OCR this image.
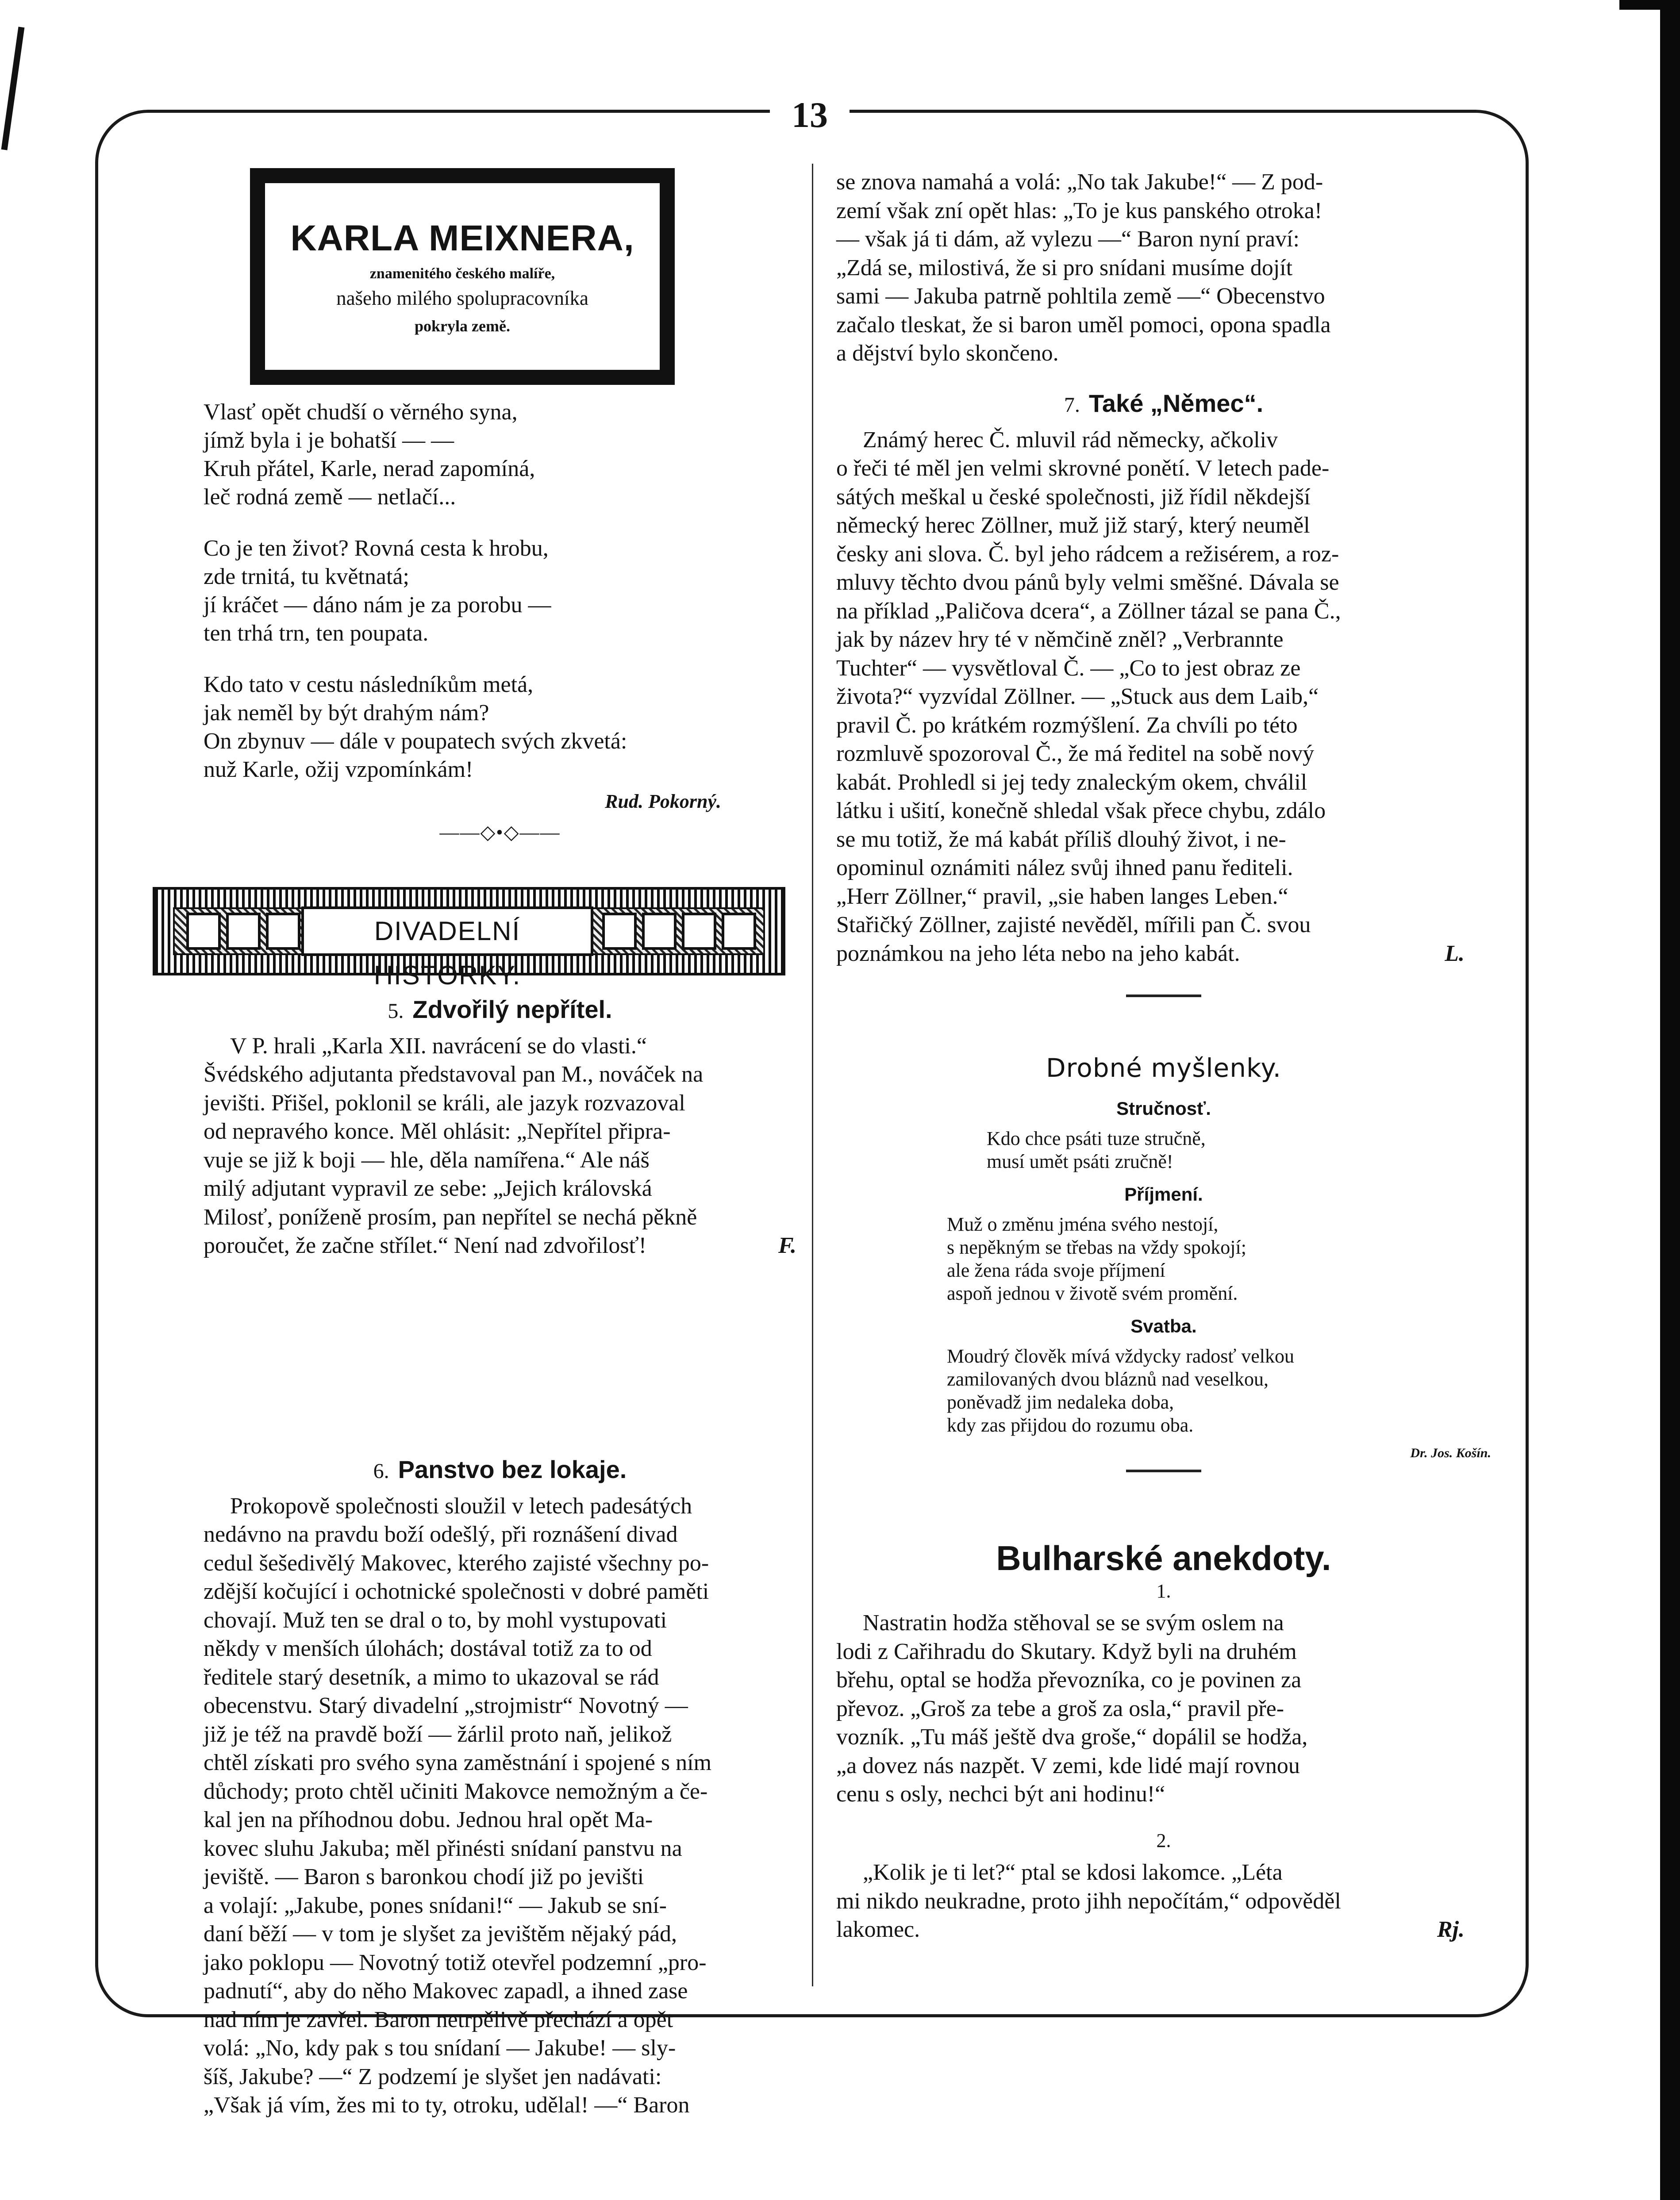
13
KARLA MEIXNERA,
znamenitého českého malíře,
našeho milého spolupracovníka
pokryla země.
Vlasť opět chudší o věrného syna,
jímž byla i je bohatší — —
Kruh přátel, Karle, nerad zapomíná,
leč rodná země — netlačí...
Co je ten život? Rovná cesta k hrobu,
zde trnitá, tu květnatá;
jí kráčet — dáno nám je za porobu —
ten trhá trn, ten poupata.
Kdo tato v cestu následníkům metá,
jak neměl by být drahým nám?
On zbynuv — dále v poupatech svých zkvetá:
nuž Karle, ožij vzpomínkám!
Rud. Pokorný.
——◇•◇——
DIVADELNÍ HISTORKY.
5. Zdvořilý nepřítel.

V P. hrali „Karla XII. navrácení se do vlasti.“
Švédského adjutanta představoval pan M., nováček na
jevišti. Přišel, poklonil se králi, ale jazyk rozvazoval
od nepravého konce. Měl ohlásit: „Nepřítel připra-
vuje se již k boji — hle, děla namířena.“ Ale náš
milý adjutant vypravil ze sebe: „Jejich královská
Milosť, poníženě prosím, pan nepřítel se nechá pěkně
poroučet, že začne střílet.“ Není nad zdvořilosť!	F.

6. Panstvo bez lokaje.

Prokopově společnosti sloužil v letech padesátých
nedávno na pravdu boží odešlý, při roznášení divad
cedul šešedivělý Makovec, kterého zajisté všechny po-
zdější kočující i ochotnické společnosti v dobré paměti
chovají. Muž ten se dral o to, by mohl vystupovati
někdy v menších úlohách; dostával totiž za to od
ředitele starý desetník, a mimo to ukazoval se rád
obecenstvu. Starý divadelní „strojmistr“ Novotný —
již je též na pravdě boží — žárlil proto naň, jelikož
chtěl získati pro svého syna zaměstnání i spojené s ním
důchody; proto chtěl učiniti Makovce nemožným a če-
kal jen na příhodnou dobu. Jednou hral opět Ma-
kovec sluhu Jakuba; měl přinésti snídaní panstvu na
jeviště. — Baron s baronkou chodí již po jevišti
a volají: „Jakube, pones snídani!“ — Jakub se sní-
daní běží — v tom je slyšet za jevištěm nějaký pád,
jako poklopu — Novotný totiž otevřel podzemní „pro-
padnutí“, aby do něho Makovec zapadl, a ihned zase
nad ním je zavřel. Baron netrpělivě přechází a opět
volá: „No, kdy pak s tou snídaní — Jakube! — sly-
šíš, Jakube? —“ Z podzemí je slyšet jen nadávati:
„Však já vím, žes mi to ty, otroku, udělal! —“ Baron

se znova namahá a volá: „No tak Jakube!“ — Z pod-
zemí však zní opět hlas: „To je kus panského otroka!
— však já ti dám, až vylezu —“ Baron nyní praví:
„Zdá se, milostivá, že si pro snídani musíme dojít
sami — Jakuba patrně pohltila země —“ Obecenstvo
začalo tleskat, že si baron uměl pomoci, opona spadla
a dějství bylo skončeno.

7. Také „Němec“.

Známý herec Č. mluvil rád německy, ačkoliv
o řeči té měl jen velmi skrovné ponětí. V letech pade-
sátých meškal u české společnosti, již řídil někdejší
německý herec Zöllner, muž již starý, který neuměl
česky ani slova. Č. byl jeho rádcem a režisérem, a roz-
mluvy těchto dvou pánů byly velmi směšné. Dávala se
na příklad „Paličova dcera“, a Zöllner tázal se pana Č.,
jak by název hry té v němčině zněl? „Verbrannte
Tuchter“ — vysvětloval Č. — „Co to jest obraz ze
života?“ vyzvídal Zöllner. — „Stuck aus dem Laib,“
pravil Č. po krátkém rozmýšlení. Za chvíli po této
rozmluvě spozoroval Č., že má ředitel na sobě nový
kabát. Prohledl si jej tedy znaleckým okem, chválil
látku i ušití, konečně shledal však přece chybu, zdálo
se mu totiž, že má kabát příliš dlouhý život, i ne-
opominul oznámiti nález svůj ihned panu řediteli.
„Herr Zöllner,“ pravil, „sie haben langes Leben.“
Stařičký Zöllner, zajisté nevěděl, mířili pan Č. svou
poznámkou na jeho léta nebo na jeho kabát.	L.

Drobné myšlenky.
Stručnosť.
Kdo chce psáti tuze stručně,
musí umět psáti zručně!
Příjmení.
Muž o změnu jména svého nestojí,
s nepěkným se třebas na vždy spokojí;
ale žena ráda svoje příjmení
aspoň jednou v životě svém promění.
Svatba.
Moudrý člověk mívá vždycky radosť velkou
zamilovaných dvou bláznů nad veselkou,
poněvadž jim nedaleka doba,
kdy zas přijdou do rozumu oba.
Dr. Jos. Košín.
Bulharské anekdoty.
1.

Nastratin hodža stěhoval se se svým oslem na
lodi z Cařihradu do Skutary. Když byli na druhém
břehu, optal se hodža převozníka, co je povinen za
převoz. „Groš za tebe a groš za osla,“ pravil pře-
vozník. „Tu máš ještě dva groše,“ dopálil se hodža,
„a dovez nás nazpět. V zemi, kde lidé mají rovnou
cenu s osly, nechci být ani hodinu!“

2.

„Kolik je ti let?“ ptal se kdosi lakomce. „Léta
mi nikdo neukradne, proto jihh nepočítám,“ odpověděl
lakomec.	Rj.
